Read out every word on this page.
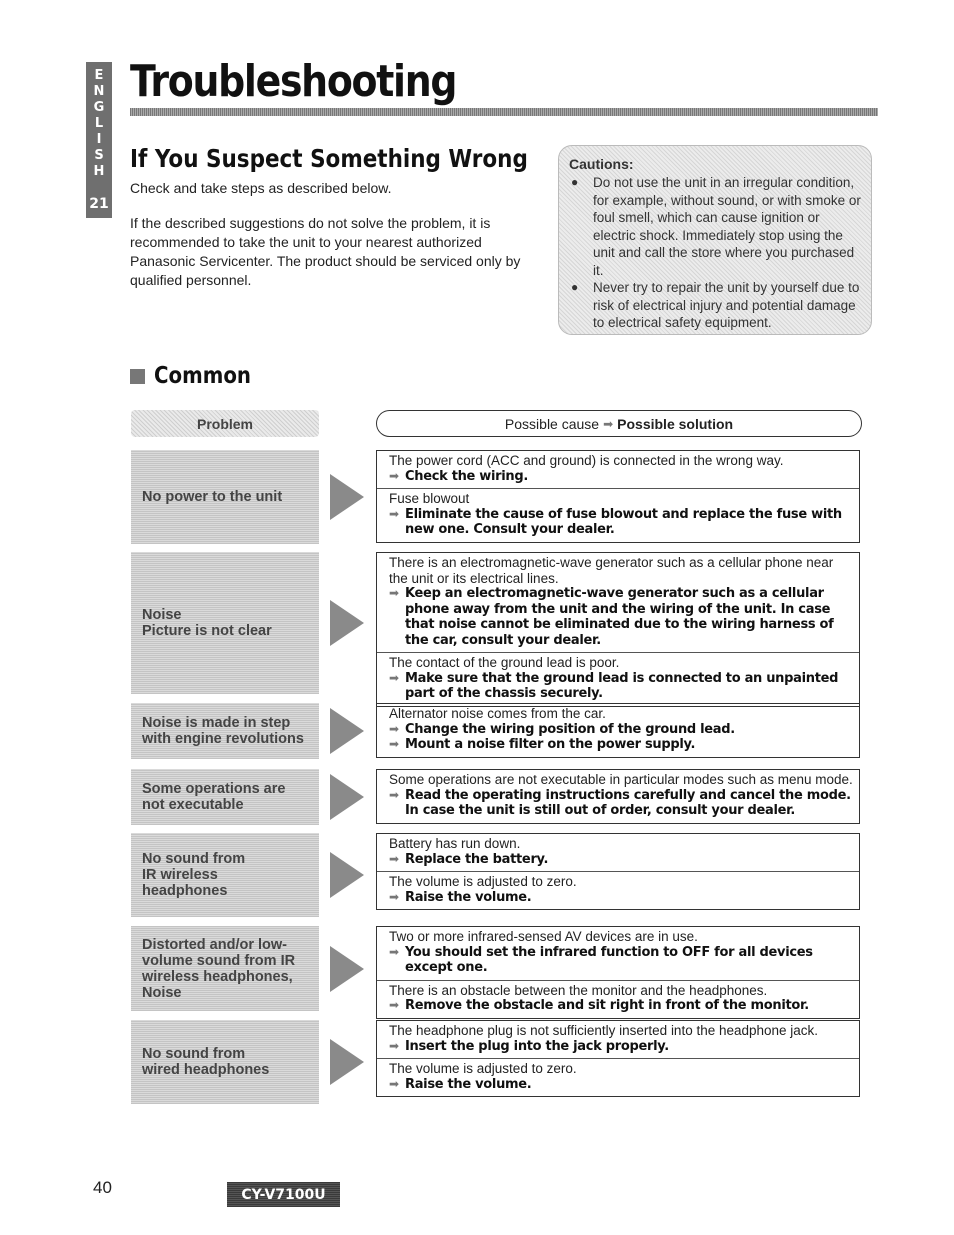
E
N
G
L
I
S
H
21
Troubleshooting
If You Suspect Something Wrong

Check and take steps as described below.

If the described suggestions do not solve the problem, it is recommended to take the unit to your nearest authorized Panasonic Servicenter. The product should be serviced only by qualified personnel.

Cautions:
● Do not use the unit in an irregular condition, for example, without sound, or with smoke or foul smell, which can cause ignition or electric shock. Immediately stop using the unit and call the store where you purchased it.
● Never try to repair the unit by yourself due to risk of electrical injury and potential damage to electrical safety equipment.
Common
Problem	Possible cause ➡ Possible solution
No power to the unit
The power cord (ACC and ground) is connected in the wrong way.
➡ Check the wiring.
Fuse blowout
➡ Eliminate the cause of fuse blowout and replace the fuse with new one. Consult your dealer.
Noise
Picture is not clear
There is an electromagnetic-wave generator such as a cellular phone near the unit or its electrical lines.
➡ Keep an electromagnetic-wave generator such as a cellular phone away from the unit and the wiring of the unit. In case that noise cannot be eliminated due to the wiring harness of the car, consult your dealer.
The contact of the ground lead is poor.
➡ Make sure that the ground lead is connected to an unpainted part of the chassis securely.
Noise is made in step
with engine revolutions
Alternator noise comes from the car.
➡ Change the wiring position of the ground lead.
➡ Mount a noise filter on the power supply.
Some operations are
not executable
Some operations are not executable in particular modes such as menu mode.
➡ Read the operating instructions carefully and cancel the mode. In case the unit is still out of order, consult your dealer.
No sound from
IR wireless
headphones
Battery has run down.
➡ Replace the battery.
The volume is adjusted to zero.
➡ Raise the volume.
Distorted and/or low-
volume sound from IR
wireless headphones,
Noise
Two or more infrared-sensed AV devices are in use.
➡ You should set the infrared function to OFF for all devices except one.
There is an obstacle between the monitor and the headphones.
➡ Remove the obstacle and sit right in front of the monitor.
No sound from
wired headphones
The headphone plug is not sufficiently inserted into the headphone jack.
➡ Insert the plug into the jack properly.
The volume is adjusted to zero.
➡ Raise the volume.
40	CY-V7100U
